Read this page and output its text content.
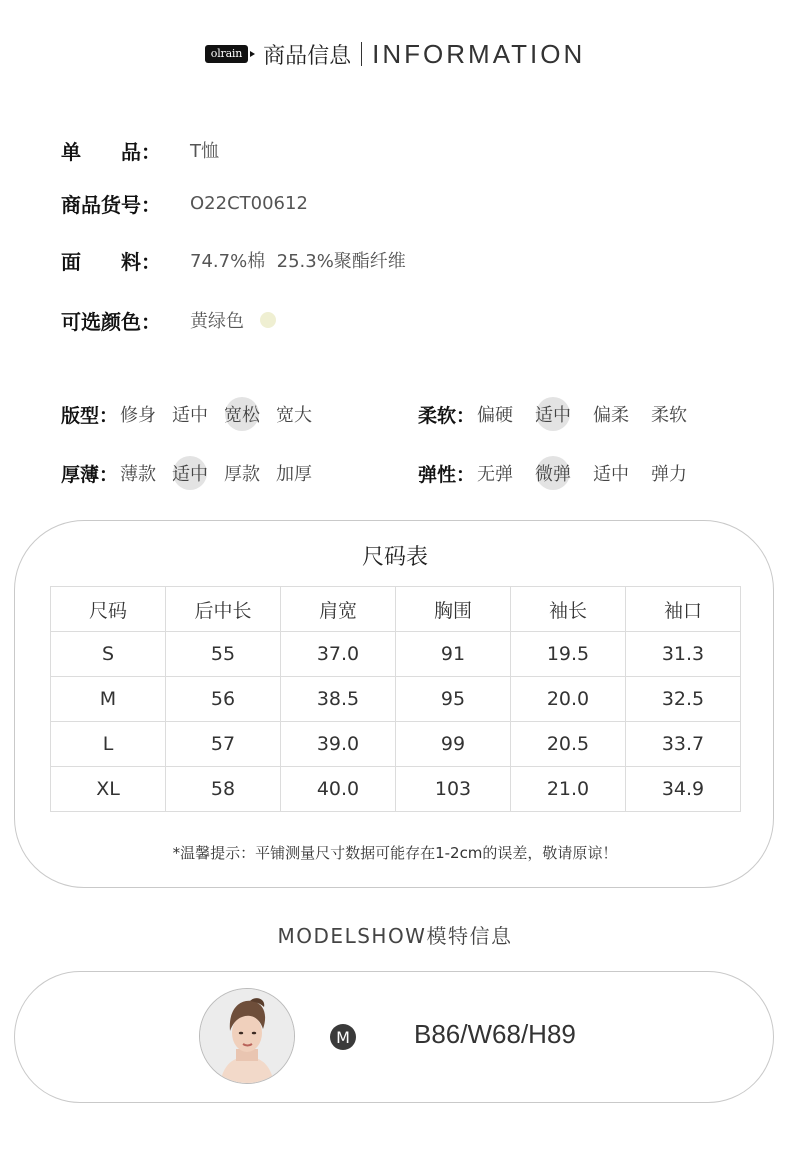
olrain 商品信息 INFORMATION
单　　品：	T恤
商品货号：	O22CT00612
面　　料：	74.7%棉  25.3%聚酯纤维
可选颜色：	黄绿色
版型： 修身 适中 宽松 宽大	柔软： 偏硬 适中 偏柔 柔软
厚薄： 薄款 适中 厚款 加厚	弹性： 无弹 微弹 适中 弹力
尺码表
尺码	后中长	肩宽	胸围	袖长	袖口
S	55	37.0	91	19.5	31.3
M	56	38.5	95	20.0	32.5
L	57	39.0	99	20.5	33.7
XL	58	40.0	103	21.0	34.9
*温馨提示：平铺测量尺寸数据可能存在1-2cm的误差，敬请原谅！
MODELSHOW模特信息
M B86/W68/H89
